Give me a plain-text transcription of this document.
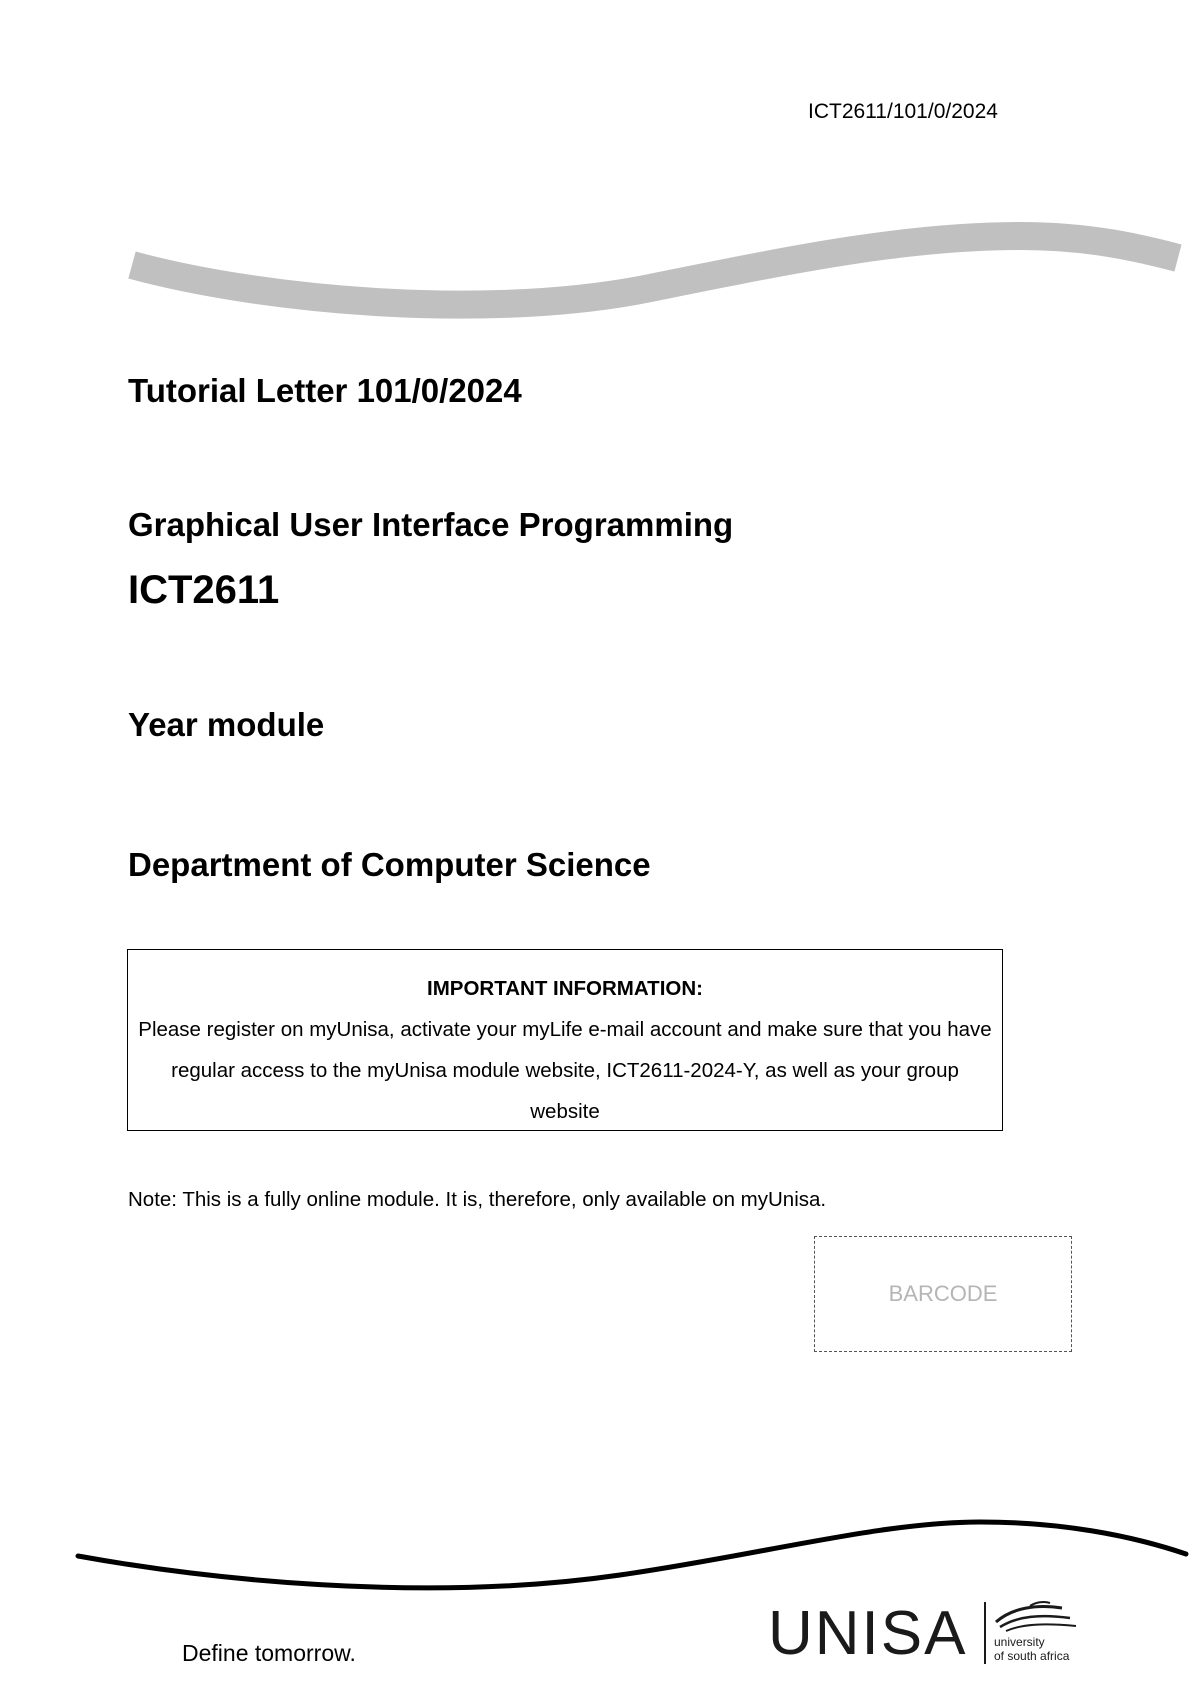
ICT2611/101/0/2024
Tutorial Letter 101/0/2024
Graphical User Interface Programming
ICT2611
Year module
Department of Computer Science
IMPORTANT INFORMATION:
Please register on myUnisa, activate your myLife e-mail account and make sure that you have regular access to the myUnisa module website, ICT2611-2024-Y, as well as your group website
Note: This is a fully online module. It is, therefore, only available on myUnisa.
BARCODE
Define tomorrow.	UNISA university
of south africa
